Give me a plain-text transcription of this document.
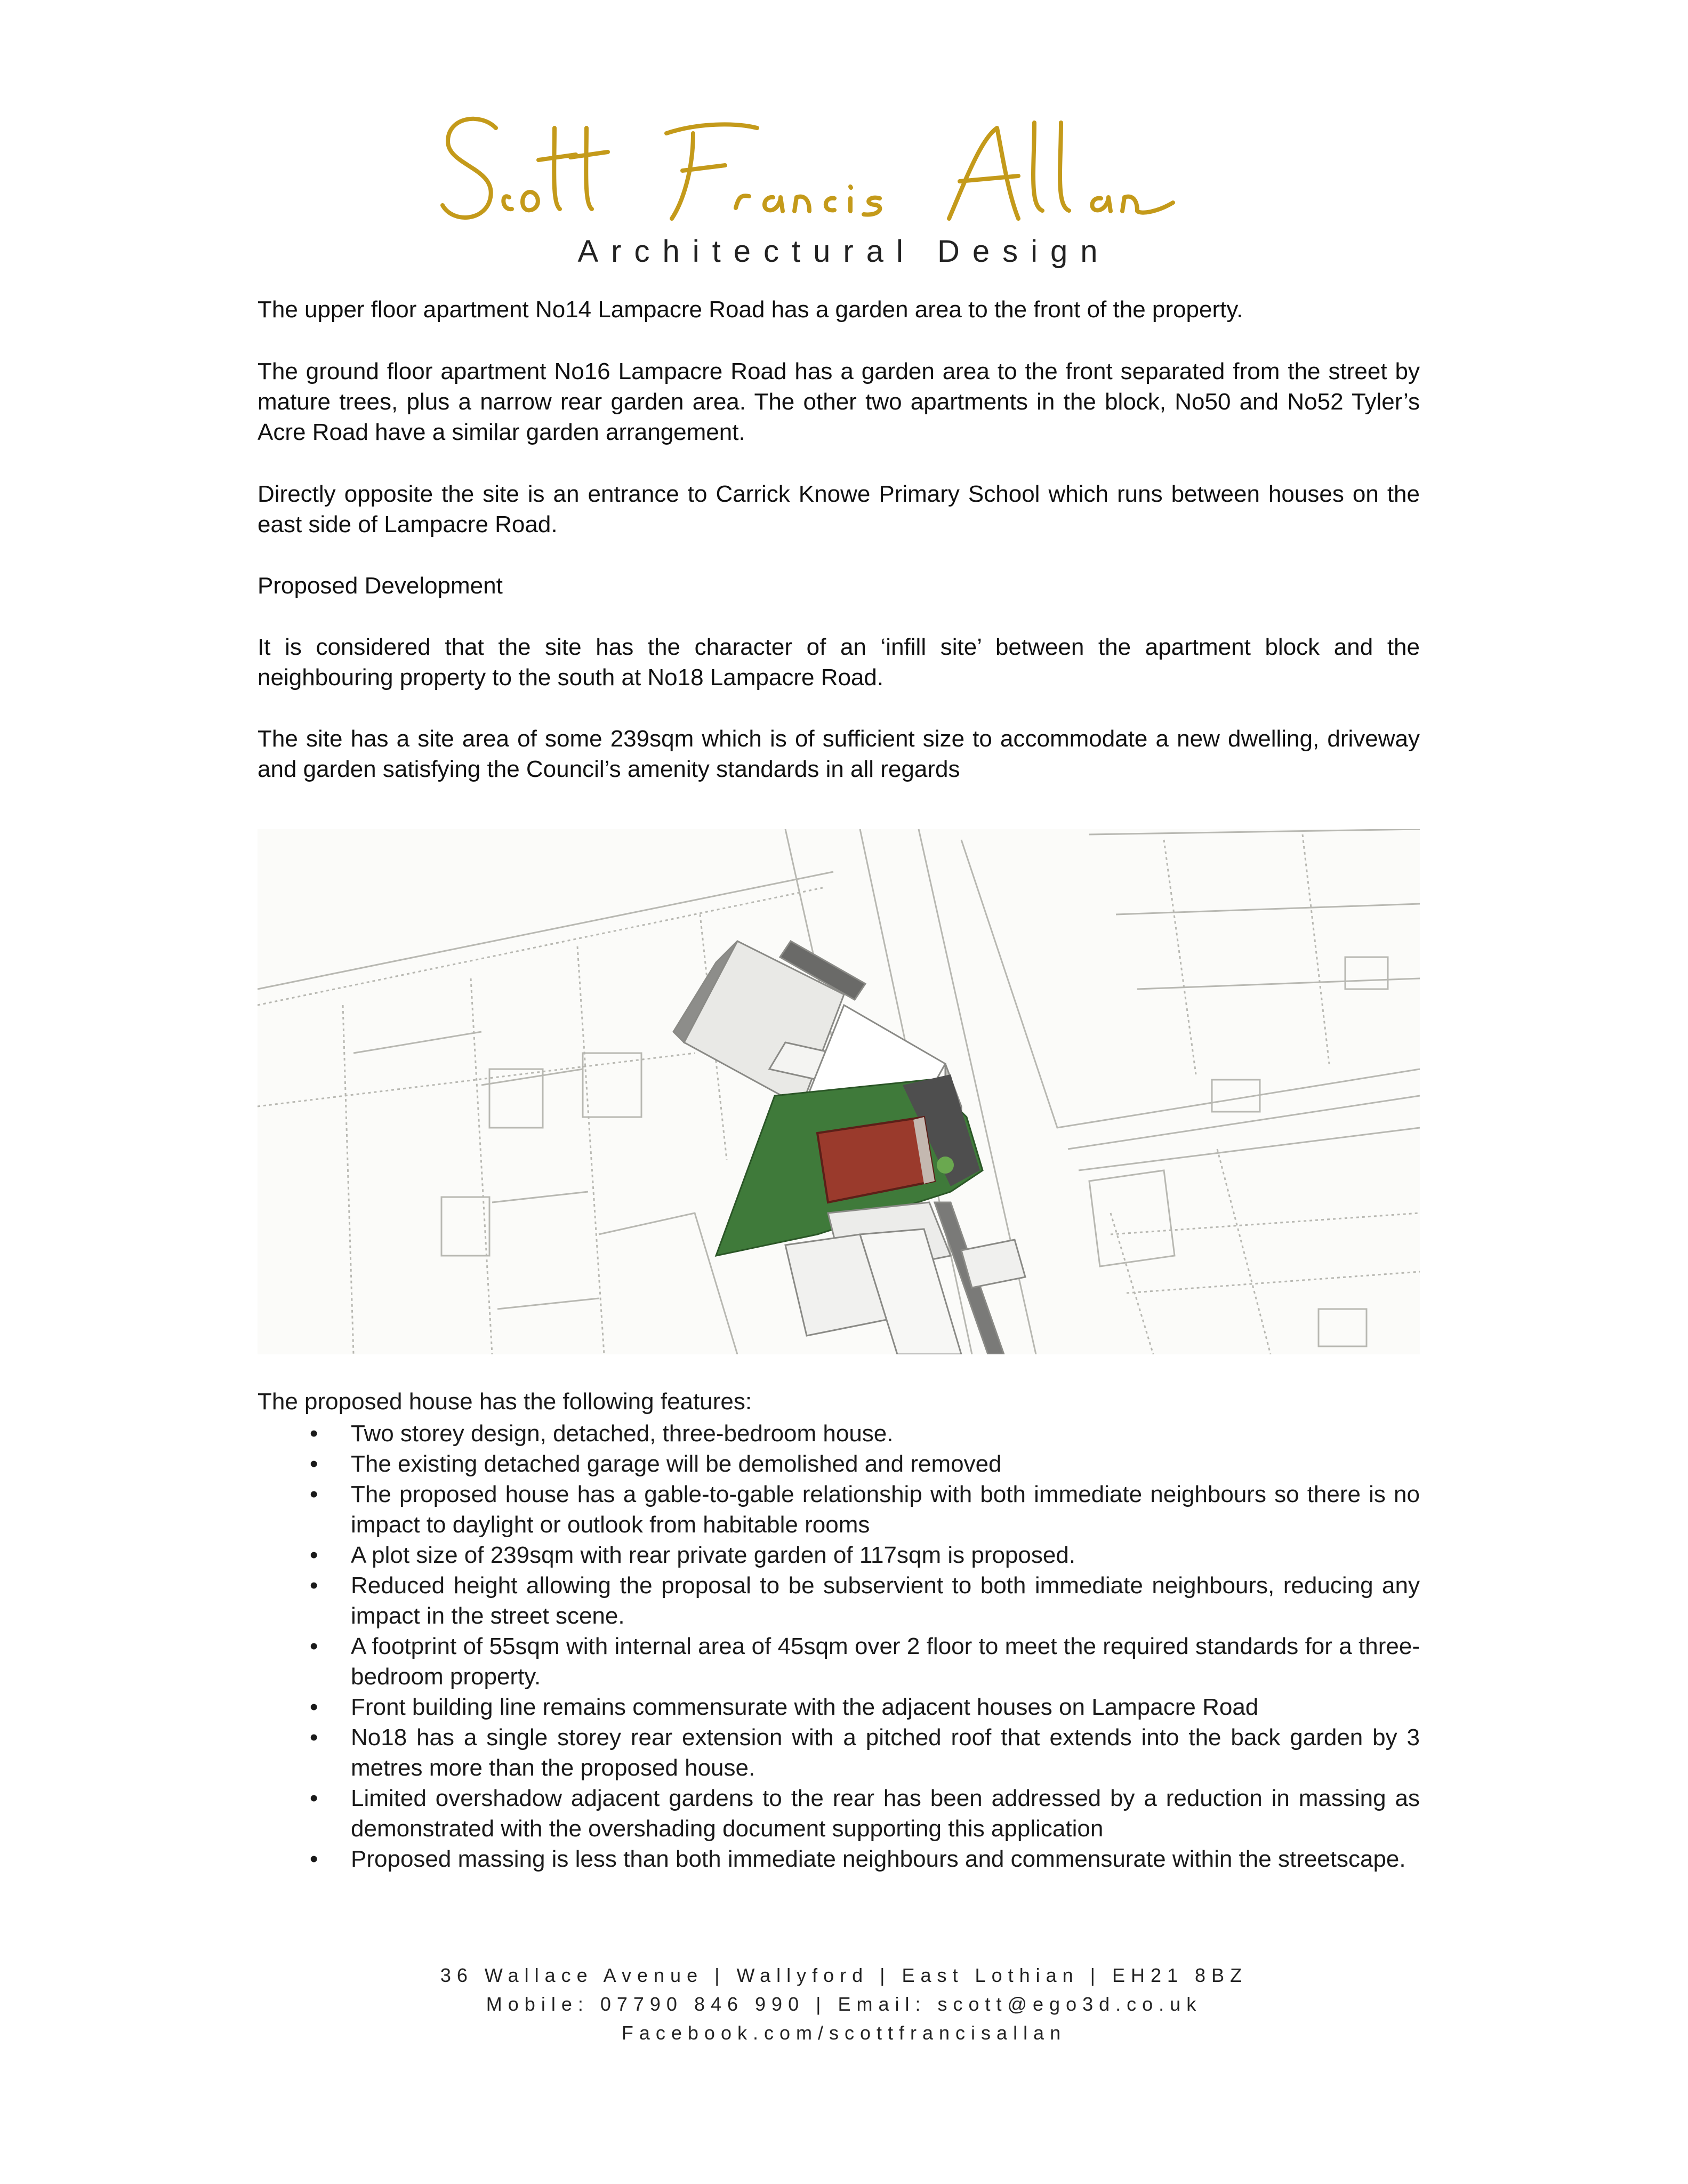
Architectural Design

The upper floor apartment No14 Lampacre Road has a garden area to the front of the property.

The ground floor apartment No16 Lampacre Road has a garden area to the front separated from the street by mature trees, plus a narrow rear garden area. The other two apartments in the block, No50 and No52 Tyler’s Acre Road have a similar garden arrangement.

Directly opposite the site is an entrance to Carrick Knowe Primary School which runs between houses on the east side of Lampacre Road.

Proposed Development

It is considered that the site has the character of an ‘infill site’ between the apartment block and the neighbouring property to the south at No18 Lampacre Road.

The site has a site area of some 239sqm which is of sufficient size to accommodate a new dwelling, driveway and garden satisfying the Council’s amenity standards in all regards

The proposed house has the following features:
• Two storey design, detached, three-bedroom house.
• The existing detached garage will be demolished and removed
• The proposed house has a gable-to-gable relationship with both immediate neighbours so there is no impact to daylight or outlook from habitable rooms
• A plot size of 239sqm with rear private garden of 117sqm is proposed.
• Reduced height allowing the proposal to be subservient to both immediate neighbours, reducing any impact in the street scene.
• A footprint of 55sqm with internal area of 45sqm over 2 floor to meet the required standards for a three-bedroom property.
• Front building line remains commensurate with the adjacent houses on Lampacre Road
• No18 has a single storey rear extension with a pitched roof that extends into the back garden by 3 metres more than the proposed house.
• Limited overshadow adjacent gardens to the rear has been addressed by a reduction in massing as demonstrated with the overshading document supporting this application
• Proposed massing is less than both immediate neighbours and commensurate within the streetscape.
36 Wallace Avenue | Wallyford | East Lothian | EH21 8BZ
Mobile: 07790 846 990 | Email: scott@ego3d.co.uk
Facebook.com/scottfrancisallan
